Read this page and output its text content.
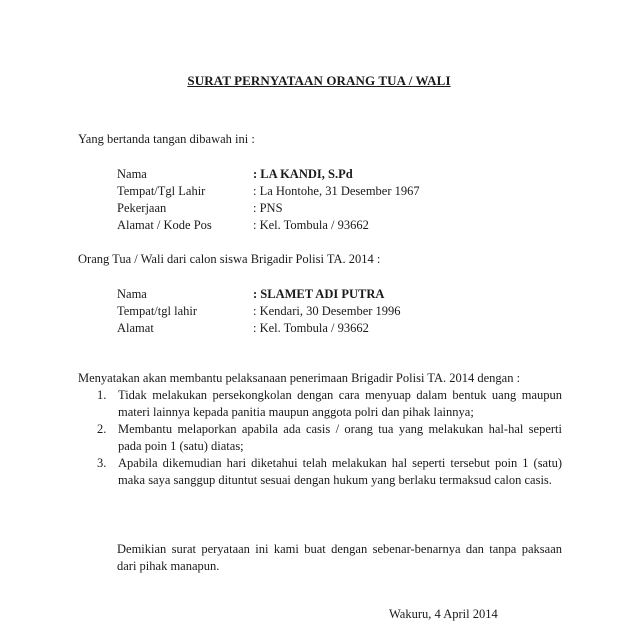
SURAT PERNYATAAN ORANG TUA / WALI
Yang bertanda tangan dibawah ini :
Nama	: LA KANDI, S.Pd
Tempat/Tgl Lahir	: La Hontohe, 31 Desember 1967
Pekerjaan	: PNS
Alamat / Kode Pos	: Kel. Tombula / 93662
Orang Tua / Wali dari calon siswa Brigadir Polisi TA. 2014 :
Nama	: SLAMET ADI PUTRA
Tempat/tgl lahir	: Kendari, 30 Desember 1996
Alamat	: Kel. Tombula / 93662
Menyatakan akan membantu pelaksanaan penerimaan Brigadir Polisi TA. 2014 dengan :
1. Tidak melakukan persekongkolan dengan cara menyuap dalam bentuk uang maupun materi lainnya kepada panitia maupun anggota polri dan pihak lainnya;
2. Membantu melaporkan apabila ada casis / orang tua yang melakukan hal-hal seperti pada poin 1 (satu) diatas;
3. Apabila dikemudian hari diketahui telah melakukan hal seperti tersebut poin 1 (satu) maka saya sanggup dituntut sesuai dengan hukum yang berlaku termaksud calon casis.
Demikian surat peryataan ini kami buat dengan sebenar-benarnya dan tanpa paksaan dari pihak manapun.
Wakuru, 4 April 2014
